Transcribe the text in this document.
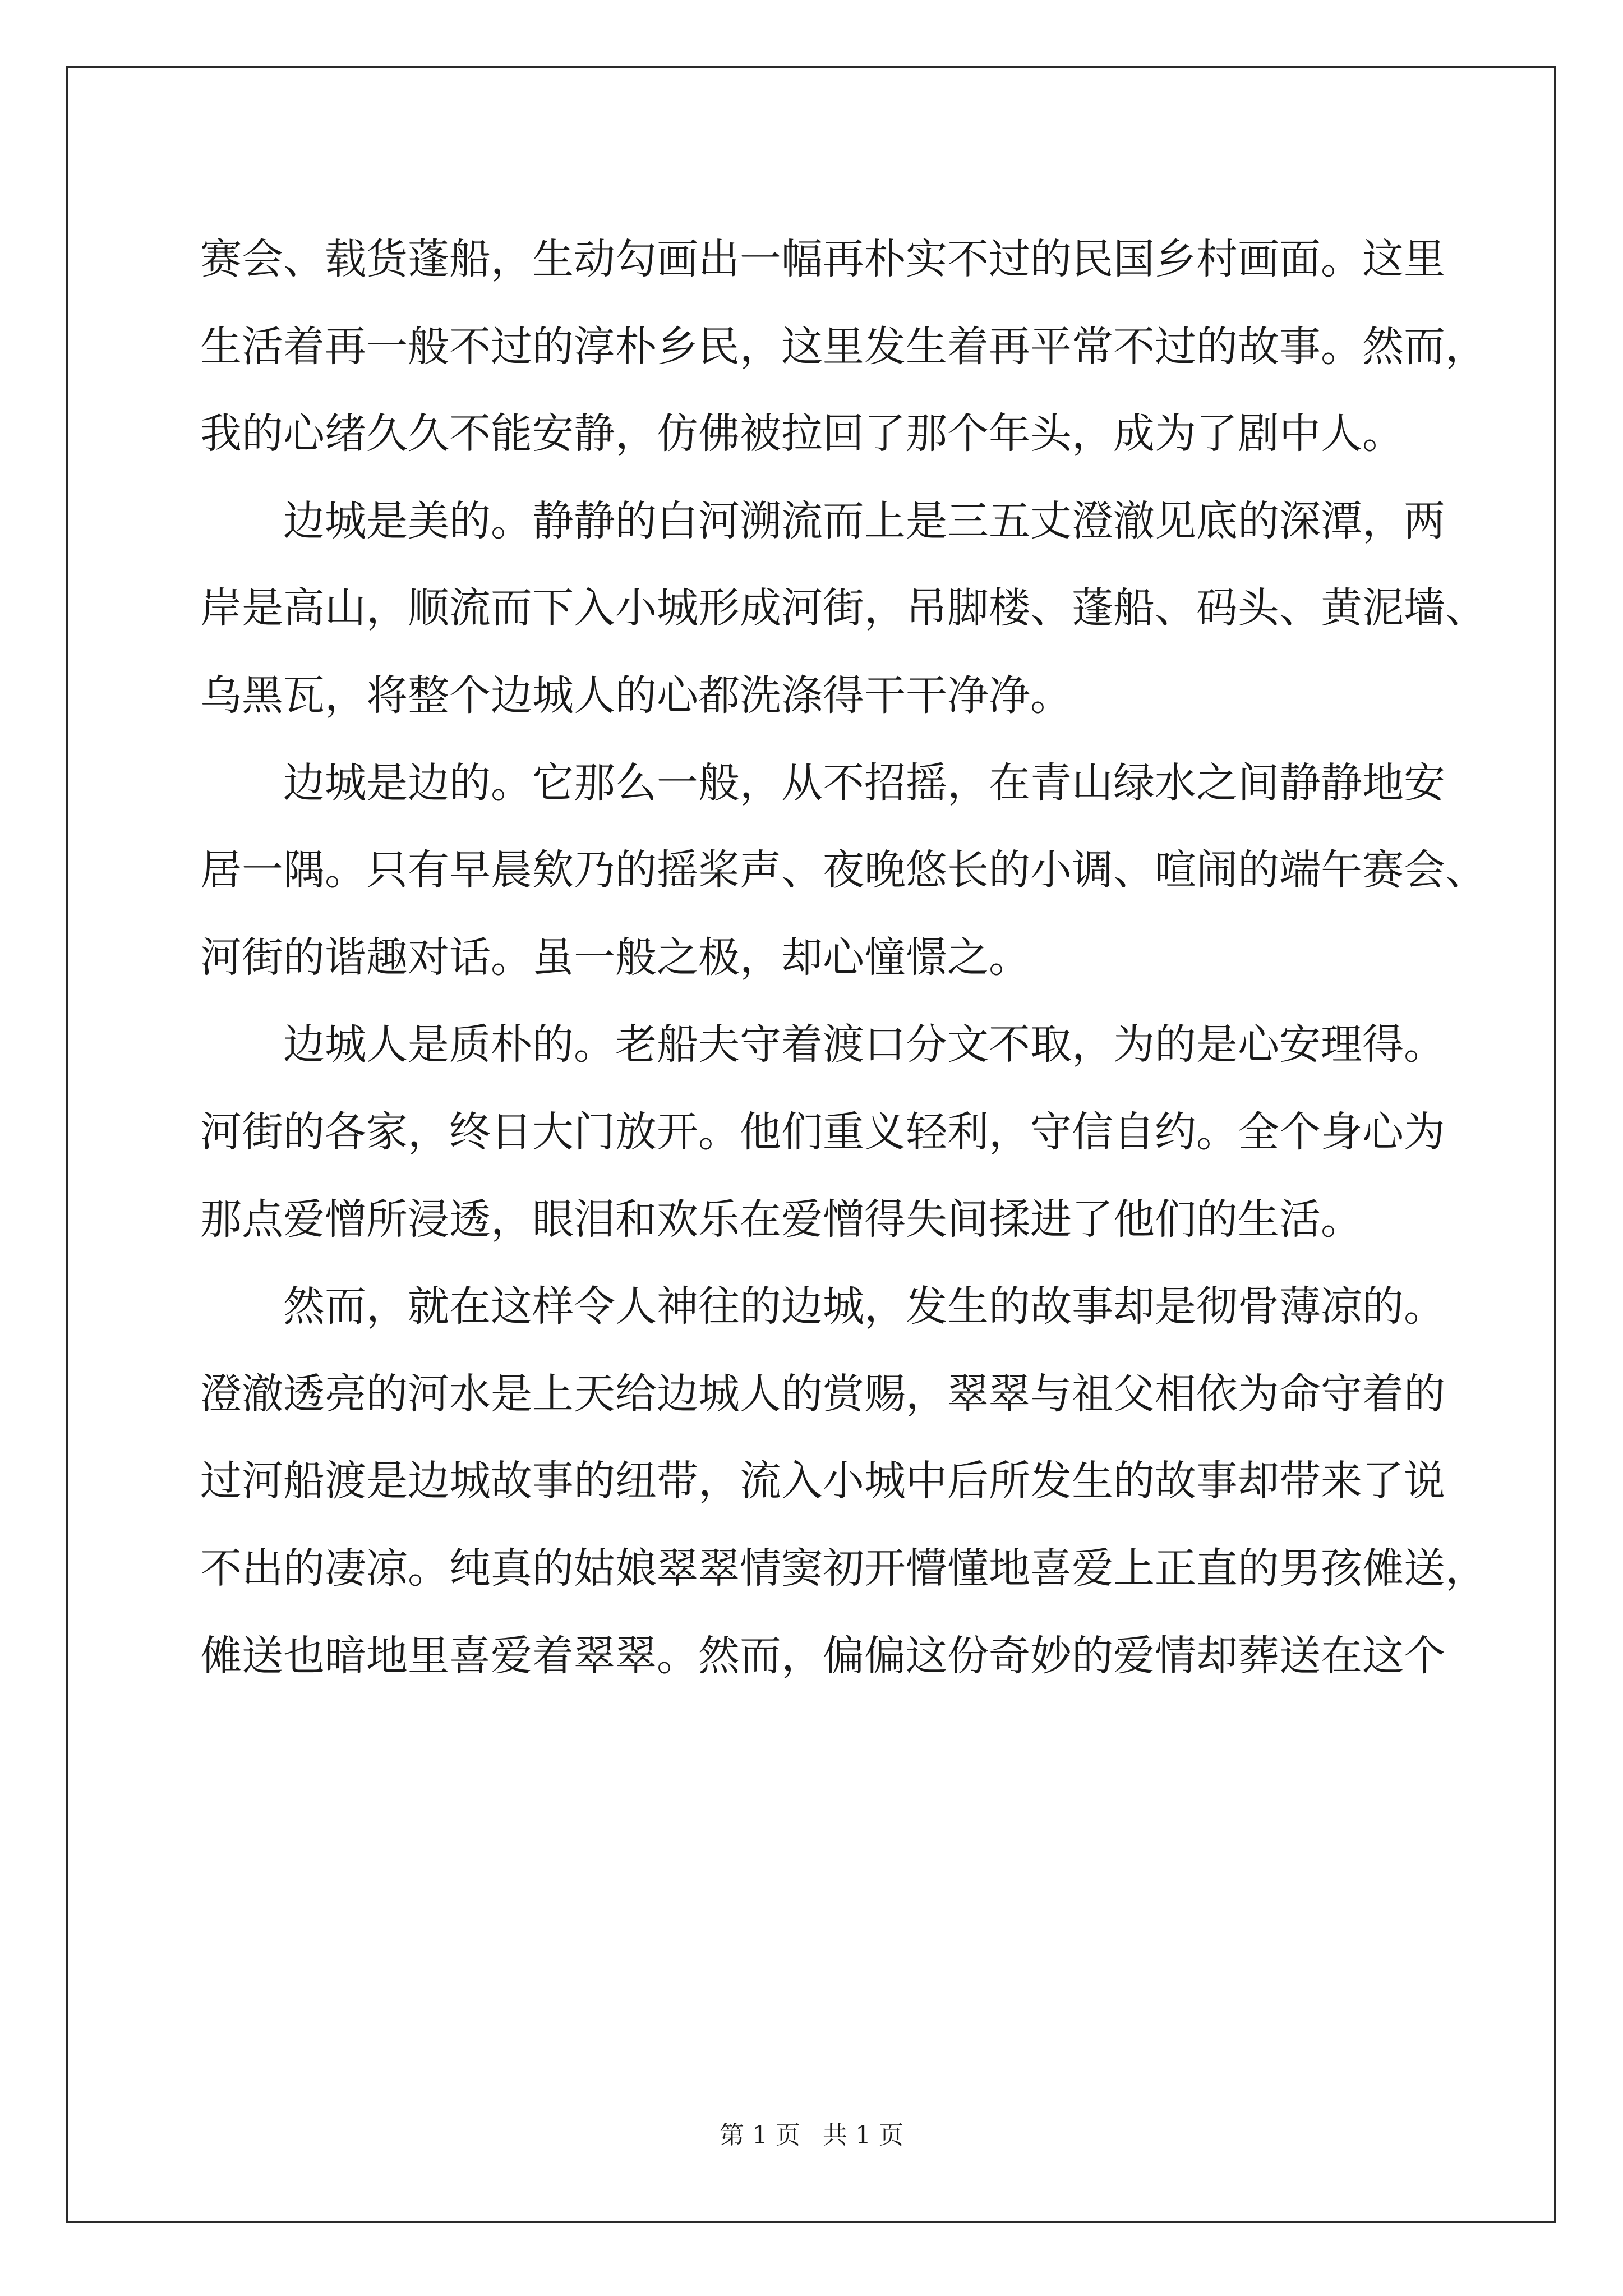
赛会、载货蓬船，生动勾画出一幅再朴实不过的民国乡村画面。这里
生活着再一般不过的淳朴乡民，这里发生着再平常不过的故事。然而，
我的心绪久久不能安静，仿佛被拉回了那个年头，成为了剧中人。
　　边城是美的。静静的白河溯流而上是三五丈澄澈见底的深潭，两
岸是高山，顺流而下入小城形成河街，吊脚楼、蓬船、码头、黄泥墙、
乌黑瓦，将整个边城人的心都洗涤得干干净净。
　　边城是边的。它那么一般，从不招摇，在青山绿水之间静静地安
居一隅。只有早晨欸乃的摇桨声、夜晚悠长的小调、喧闹的端午赛会、
河街的谐趣对话。虽一般之极，却心憧憬之。
　　边城人是质朴的。老船夫守着渡口分文不取，为的是心安理得。
河街的各家，终日大门放开。他们重义轻利，守信自约。全个身心为
那点爱憎所浸透，眼泪和欢乐在爱憎得失间揉进了他们的生活。
　　然而，就在这样令人神往的边城，发生的故事却是彻骨薄凉的。
澄澈透亮的河水是上天给边城人的赏赐，翠翠与祖父相依为命守着的
过河船渡是边城故事的纽带，流入小城中后所发生的故事却带来了说
不出的凄凉。纯真的姑娘翠翠情窦初开懵懂地喜爱上正直的男孩傩送，
傩送也暗地里喜爱着翠翠。然而，偏偏这份奇妙的爱情却葬送在这个
第 1 页 共 1 页
